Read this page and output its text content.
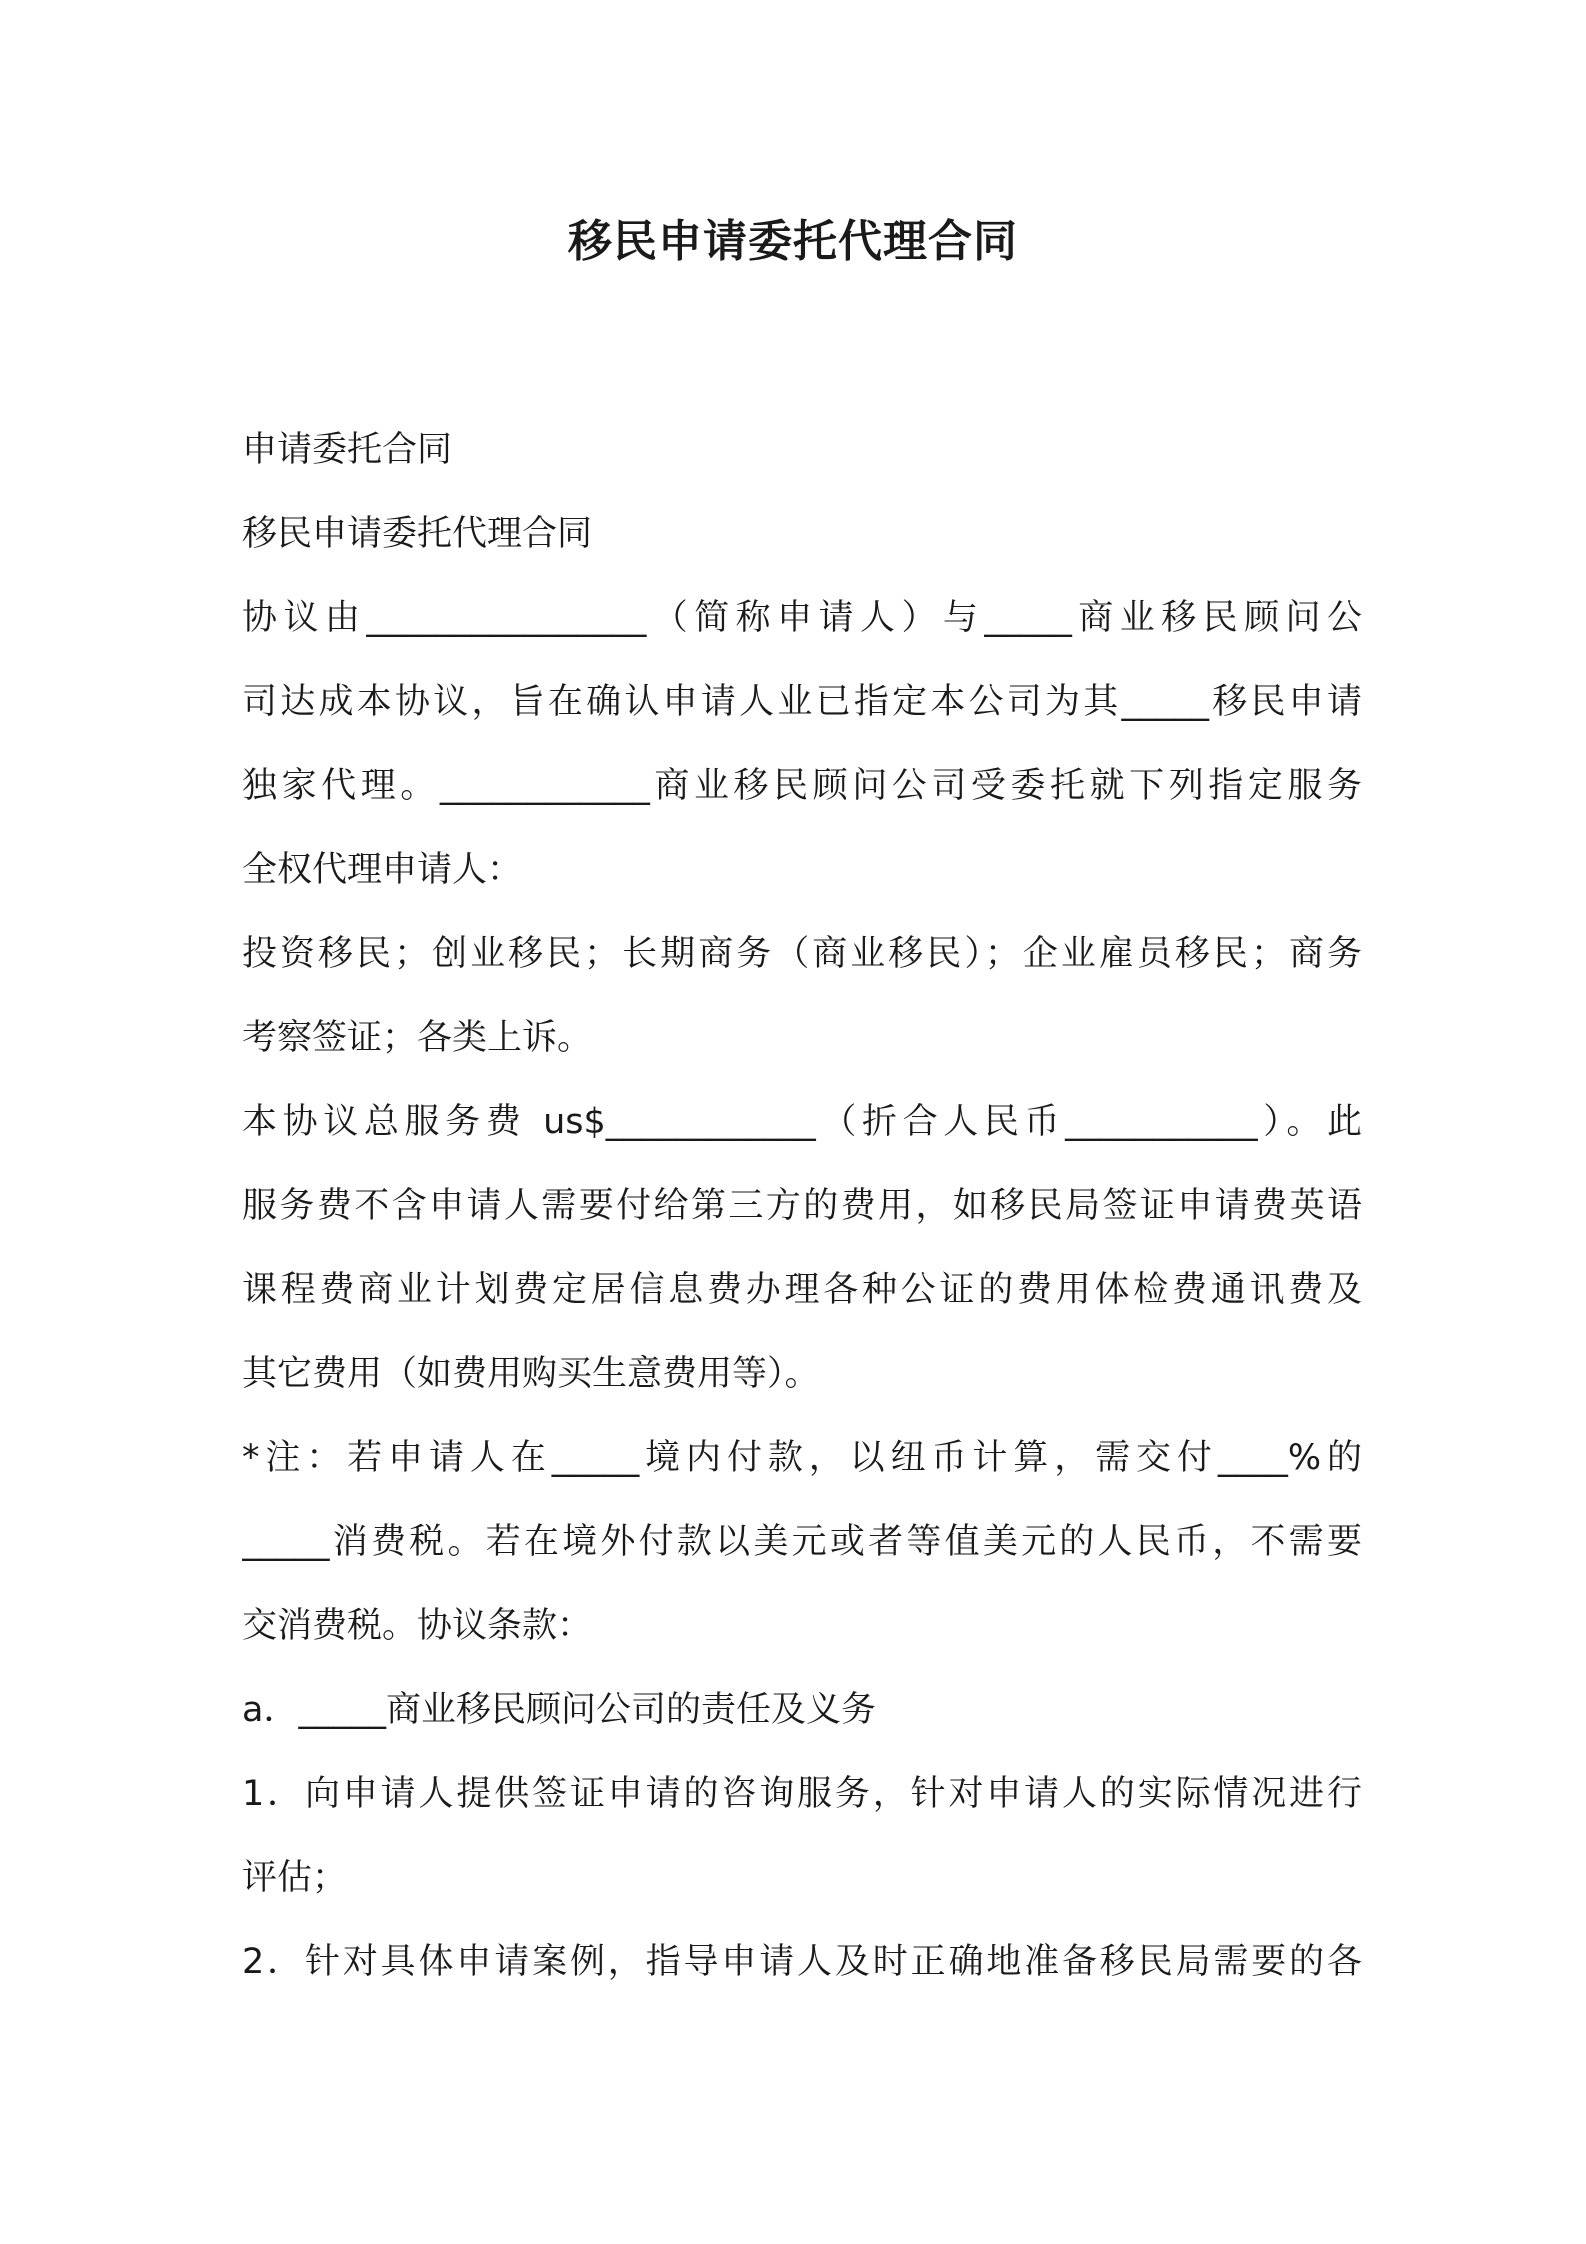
移民申请委托代理合同
申请委托合同
移民申请委托代理合同
协议由________________（简称申请人）与_____商业移民顾问公
司达成本协议，旨在确认申请人业已指定本公司为其_____移民申请
独家代理。____________商业移民顾问公司受委托就下列指定服务
全权代理申请人：
投资移民；创业移民；长期商务（商业移民）；企业雇员移民；商务
考察签证；各类上诉。
本协议总服务费 us$____________（折合人民币___________）。此
服务费不含申请人需要付给第三方的费用，如移民局签证申请费英语
课程费商业计划费定居信息费办理各种公证的费用体检费通讯费及
其它费用（如费用购买生意费用等）。
*注：若申请人在_____境内付款，以纽币计算，需交付____%的
_____消费税。若在境外付款以美元或者等值美元的人民币，不需要
交消费税。协议条款：
a．_____商业移民顾问公司的责任及义务
1．向申请人提供签证申请的咨询服务，针对申请人的实际情况进行
评估；
2．针对具体申请案例，指导申请人及时正确地准备移民局需要的各
